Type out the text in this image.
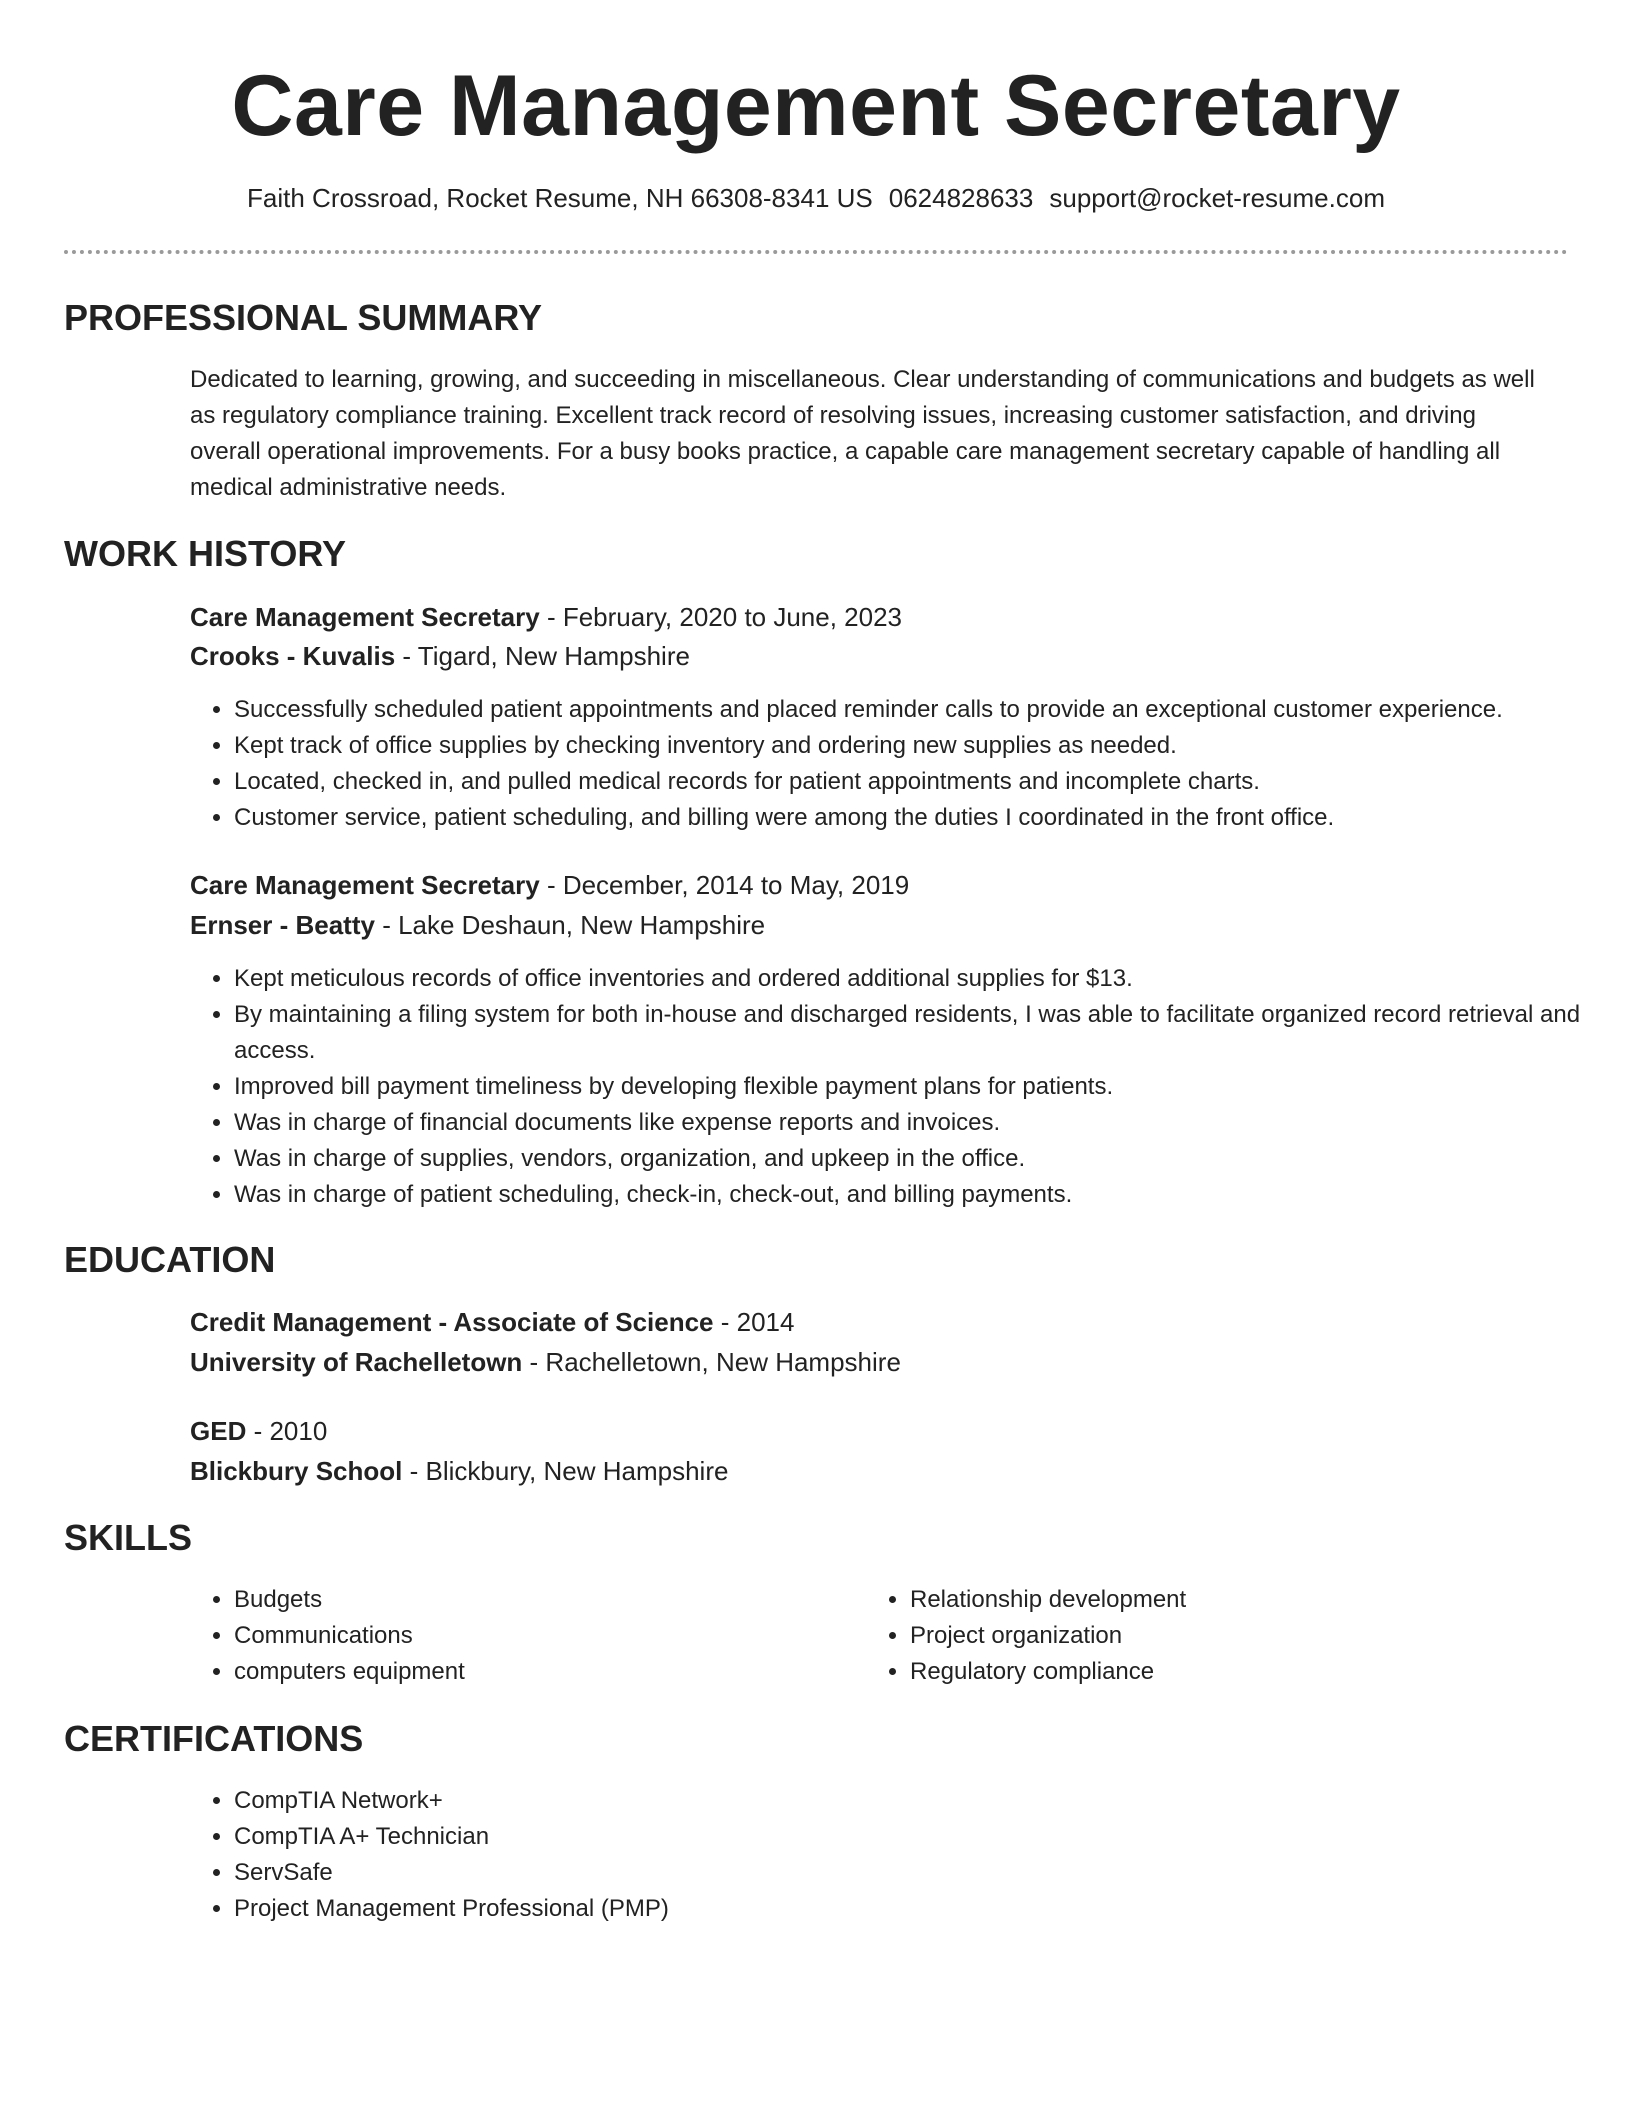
Care Management Secretary
Faith Crossroad, Rocket Resume, NH 66308-8341 US 0624828633 support@rocket-resume.com
PROFESSIONAL SUMMARY

Dedicated to learning, growing, and succeeding in miscellaneous. Clear understanding of communications and budgets as well as regulatory compliance training. Excellent track record of resolving issues, increasing customer satisfaction, and driving overall operational improvements. For a busy books practice, a capable care management secretary capable of handling all medical administrative needs.

WORK HISTORY
Care Management Secretary - February, 2020 to June, 2023
Crooks - Kuvalis - Tigard, New Hampshire
• Successfully scheduled patient appointments and placed reminder calls to provide an exceptional customer experience.
• Kept track of office supplies by checking inventory and ordering new supplies as needed.
• Located, checked in, and pulled medical records for patient appointments and incomplete charts.
• Customer service, patient scheduling, and billing were among the duties I coordinated in the front office.
Care Management Secretary - December, 2014 to May, 2019
Ernser - Beatty - Lake Deshaun, New Hampshire
• Kept meticulous records of office inventories and ordered additional supplies for $13.
• By maintaining a filing system for both in-house and discharged residents, I was able to facilitate organized record retrieval and access.
• Improved bill payment timeliness by developing flexible payment plans for patients.
• Was in charge of financial documents like expense reports and invoices.
• Was in charge of supplies, vendors, organization, and upkeep in the office.
• Was in charge of patient scheduling, check-in, check-out, and billing payments.
EDUCATION
Credit Management - Associate of Science - 2014
University of Rachelletown - Rachelletown, New Hampshire
GED - 2010
Blickbury School - Blickbury, New Hampshire
SKILLS
• Budgets
• Communications
• computers equipment
• Relationship development
• Project organization
• Regulatory compliance
CERTIFICATIONS
• CompTIA Network+
• CompTIA A+ Technician
• ServSafe
• Project Management Professional (PMP)
